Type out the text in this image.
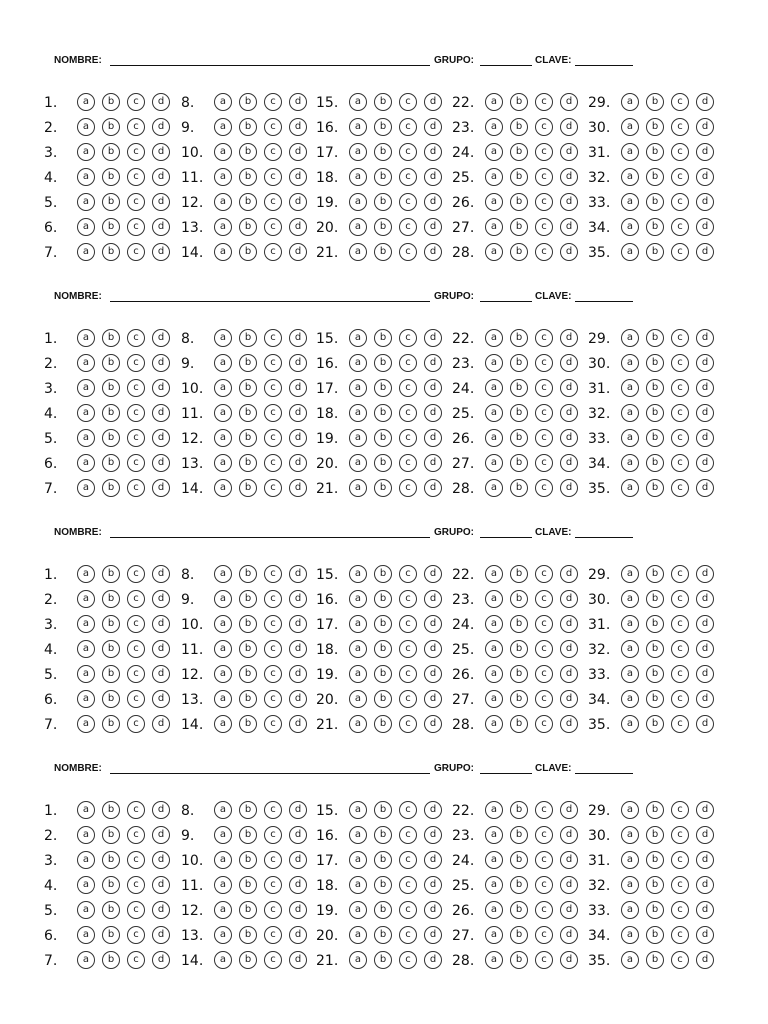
NOMBRE:	GRUPO:	CLAVE:
1.	a	b	c	d	8.	a	b	c	d	15.	a	b	c	d	22.	a	b	c	d	29.	a	b	c	d
2.	a	b	c	d	9.	a	b	c	d	16.	a	b	c	d	23.	a	b	c	d	30.	a	b	c	d
3.	a	b	c	d	10.	a	b	c	d	17.	a	b	c	d	24.	a	b	c	d	31.	a	b	c	d
4.	a	b	c	d	11.	a	b	c	d	18.	a	b	c	d	25.	a	b	c	d	32.	a	b	c	d
5.	a	b	c	d	12.	a	b	c	d	19.	a	b	c	d	26.	a	b	c	d	33.	a	b	c	d
6.	a	b	c	d	13.	a	b	c	d	20.	a	b	c	d	27.	a	b	c	d	34.	a	b	c	d
7.	a	b	c	d	14.	a	b	c	d	21.	a	b	c	d	28.	a	b	c	d	35.	a	b	c	d
NOMBRE:	GRUPO:	CLAVE:
1.	a	b	c	d	8.	a	b	c	d	15.	a	b	c	d	22.	a	b	c	d	29.	a	b	c	d
2.	a	b	c	d	9.	a	b	c	d	16.	a	b	c	d	23.	a	b	c	d	30.	a	b	c	d
3.	a	b	c	d	10.	a	b	c	d	17.	a	b	c	d	24.	a	b	c	d	31.	a	b	c	d
4.	a	b	c	d	11.	a	b	c	d	18.	a	b	c	d	25.	a	b	c	d	32.	a	b	c	d
5.	a	b	c	d	12.	a	b	c	d	19.	a	b	c	d	26.	a	b	c	d	33.	a	b	c	d
6.	a	b	c	d	13.	a	b	c	d	20.	a	b	c	d	27.	a	b	c	d	34.	a	b	c	d
7.	a	b	c	d	14.	a	b	c	d	21.	a	b	c	d	28.	a	b	c	d	35.	a	b	c	d
NOMBRE:	GRUPO:	CLAVE:
1.	a	b	c	d	8.	a	b	c	d	15.	a	b	c	d	22.	a	b	c	d	29.	a	b	c	d
2.	a	b	c	d	9.	a	b	c	d	16.	a	b	c	d	23.	a	b	c	d	30.	a	b	c	d
3.	a	b	c	d	10.	a	b	c	d	17.	a	b	c	d	24.	a	b	c	d	31.	a	b	c	d
4.	a	b	c	d	11.	a	b	c	d	18.	a	b	c	d	25.	a	b	c	d	32.	a	b	c	d
5.	a	b	c	d	12.	a	b	c	d	19.	a	b	c	d	26.	a	b	c	d	33.	a	b	c	d
6.	a	b	c	d	13.	a	b	c	d	20.	a	b	c	d	27.	a	b	c	d	34.	a	b	c	d
7.	a	b	c	d	14.	a	b	c	d	21.	a	b	c	d	28.	a	b	c	d	35.	a	b	c	d
NOMBRE:	GRUPO:	CLAVE:
1.	a	b	c	d	8.	a	b	c	d	15.	a	b	c	d	22.	a	b	c	d	29.	a	b	c	d
2.	a	b	c	d	9.	a	b	c	d	16.	a	b	c	d	23.	a	b	c	d	30.	a	b	c	d
3.	a	b	c	d	10.	a	b	c	d	17.	a	b	c	d	24.	a	b	c	d	31.	a	b	c	d
4.	a	b	c	d	11.	a	b	c	d	18.	a	b	c	d	25.	a	b	c	d	32.	a	b	c	d
5.	a	b	c	d	12.	a	b	c	d	19.	a	b	c	d	26.	a	b	c	d	33.	a	b	c	d
6.	a	b	c	d	13.	a	b	c	d	20.	a	b	c	d	27.	a	b	c	d	34.	a	b	c	d
7.	a	b	c	d	14.	a	b	c	d	21.	a	b	c	d	28.	a	b	c	d	35.	a	b	c	d
